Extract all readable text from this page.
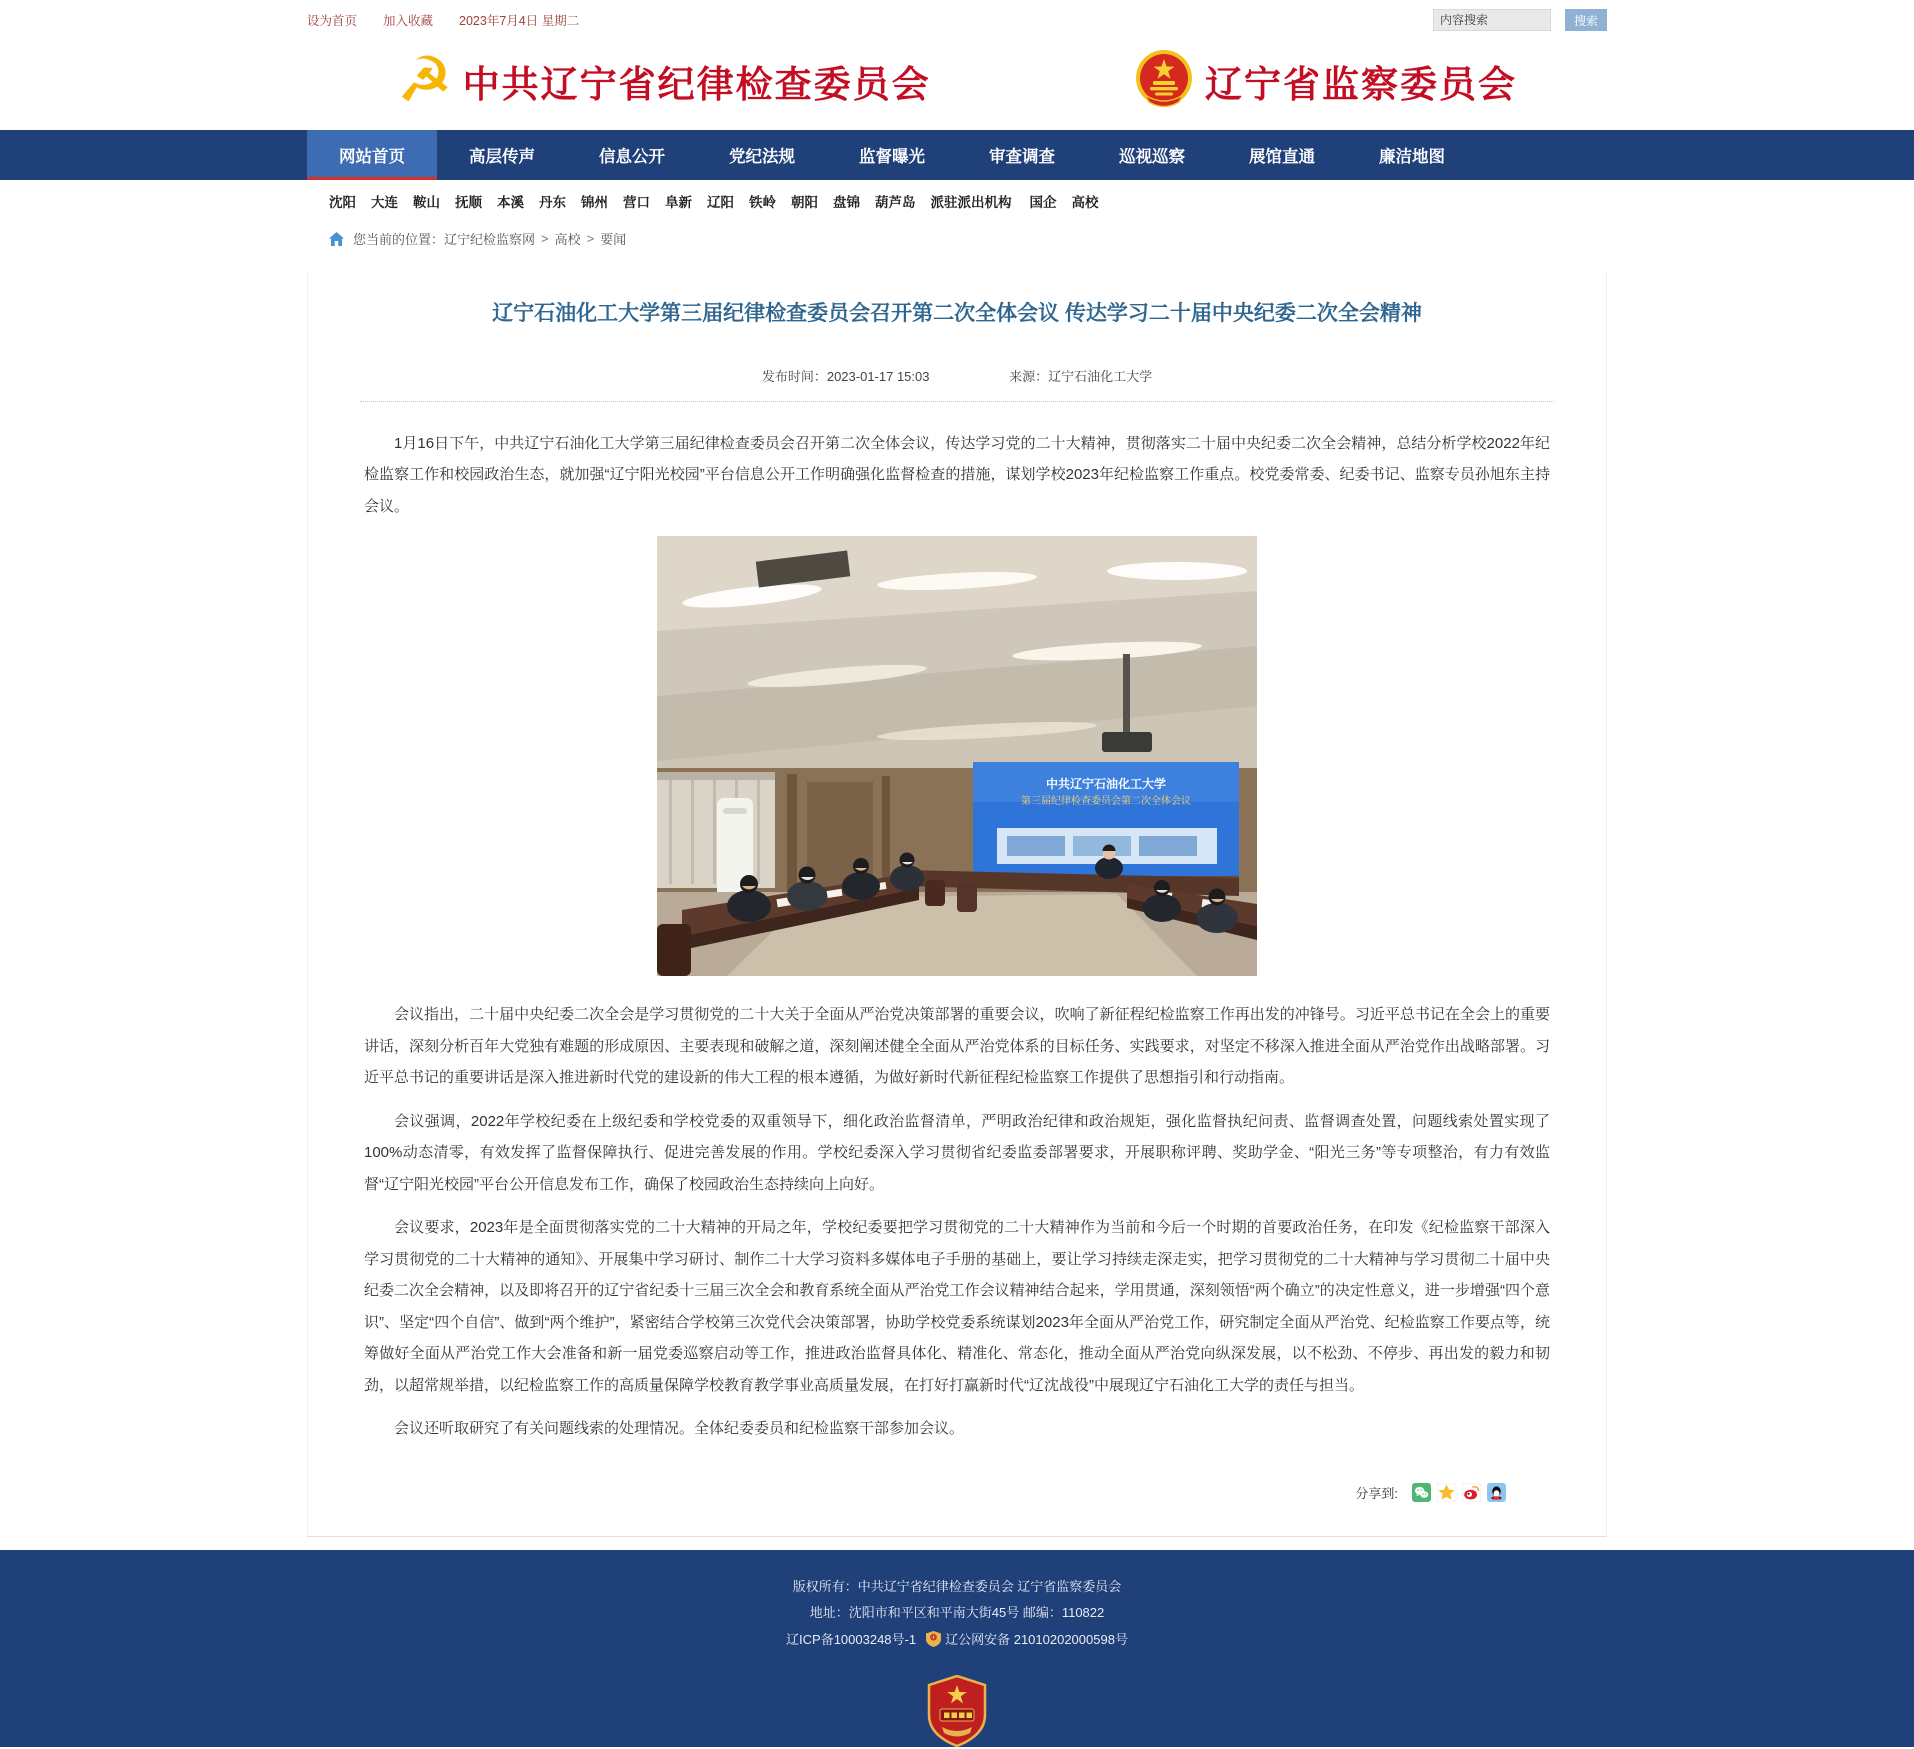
设为首页 加入收藏 2023年7月4日 星期二
内容搜索	搜索
☭ 中共辽宁省纪律检查委员会	辽宁省监察委员会
网站首页	高层传声	信息公开	党纪法规	监督曝光	审查调查	巡视巡察	展馆直通	廉洁地图
沈阳 大连 鞍山 抚顺 本溪 丹东 锦州 营口 阜新 辽阳 铁岭 朝阳 盘锦 葫芦岛 派驻派出机构 国企 高校
您当前的位置： 辽宁纪检监察网 > 高校 > 要闻
辽宁石油化工大学第三届纪律检查委员会召开第二次全体会议 传达学习二十届中央纪委二次全会精神
发布时间：2023-01-17 15:03	来源：辽宁石油化工大学

1月16日下午，中共辽宁石油化工大学第三届纪律检查委员会召开第二次全体会议，传达学习党的二十大精神，贯彻落实二十届中央纪委二次全会精神，总结分析学校2022年纪检监察工作和校园政治生态，就加强“辽宁阳光校园”平台信息公开工作明确强化监督检查的措施，谋划学校2023年纪检监察工作重点。校党委常委、纪委书记、监察专员孙旭东主持会议。

中共辽宁石油化工大学
第三届纪律检查委员会第二次全体会议

会议指出，二十届中央纪委二次全会是学习贯彻党的二十大关于全面从严治党决策部署的重要会议，吹响了新征程纪检监察工作再出发的冲锋号。习近平总书记在全会上的重要讲话，深刻分析百年大党独有难题的形成原因、主要表现和破解之道，深刻阐述健全全面从严治党体系的目标任务、实践要求，对坚定不移深入推进全面从严治党作出战略部署。习近平总书记的重要讲话是深入推进新时代党的建设新的伟大工程的根本遵循，为做好新时代新征程纪检监察工作提供了思想指引和行动指南。

会议强调，2022年学校纪委在上级纪委和学校党委的双重领导下，细化政治监督清单，严明政治纪律和政治规矩，强化监督执纪问责、监督调查处置，问题线索处置实现了100%动态清零，有效发挥了监督保障执行、促进完善发展的作用。学校纪委深入学习贯彻省纪委监委部署要求，开展职称评聘、奖助学金、“阳光三务”等专项整治，有力有效监督“辽宁阳光校园”平台公开信息发布工作，确保了校园政治生态持续向上向好。

会议要求，2023年是全面贯彻落实党的二十大精神的开局之年，学校纪委要把学习贯彻党的二十大精神作为当前和今后一个时期的首要政治任务，在印发《纪检监察干部深入学习贯彻党的二十大精神的通知》、开展集中学习研讨、制作二十大学习资料多媒体电子手册的基础上，要让学习持续走深走实，把学习贯彻党的二十大精神与学习贯彻二十届中央纪委二次全会精神，以及即将召开的辽宁省纪委十三届三次全会和教育系统全面从严治党工作会议精神结合起来，学用贯通，深刻领悟“两个确立”的决定性意义，进一步增强“四个意识”、坚定“四个自信”、做到“两个维护”，紧密结合学校第三次党代会决策部署，协助学校党委系统谋划2023年全面从严治党工作，研究制定全面从严治党、纪检监察工作要点等，统筹做好全面从严治党工作大会准备和新一届党委巡察启动等工作，推进政治监督具体化、精准化、常态化，推动全面从严治党向纵深发展，以不松劲、不停步、再出发的毅力和韧劲，以超常规举措，以纪检监察工作的高质量保障学校教育教学事业高质量发展，在打好打赢新时代“辽沈战役”中展现辽宁石油化工大学的责任与担当。

会议还听取研究了有关问题线索的处理情况。全体纪委委员和纪检监察干部参加会议。

分享到:
版权所有：中共辽宁省纪律检查委员会 辽宁省监察委员会
地址：沈阳市和平区和平南大街45号 邮编：110822
辽ICP备10003248号-1 辽公网安备 21010202000598号
